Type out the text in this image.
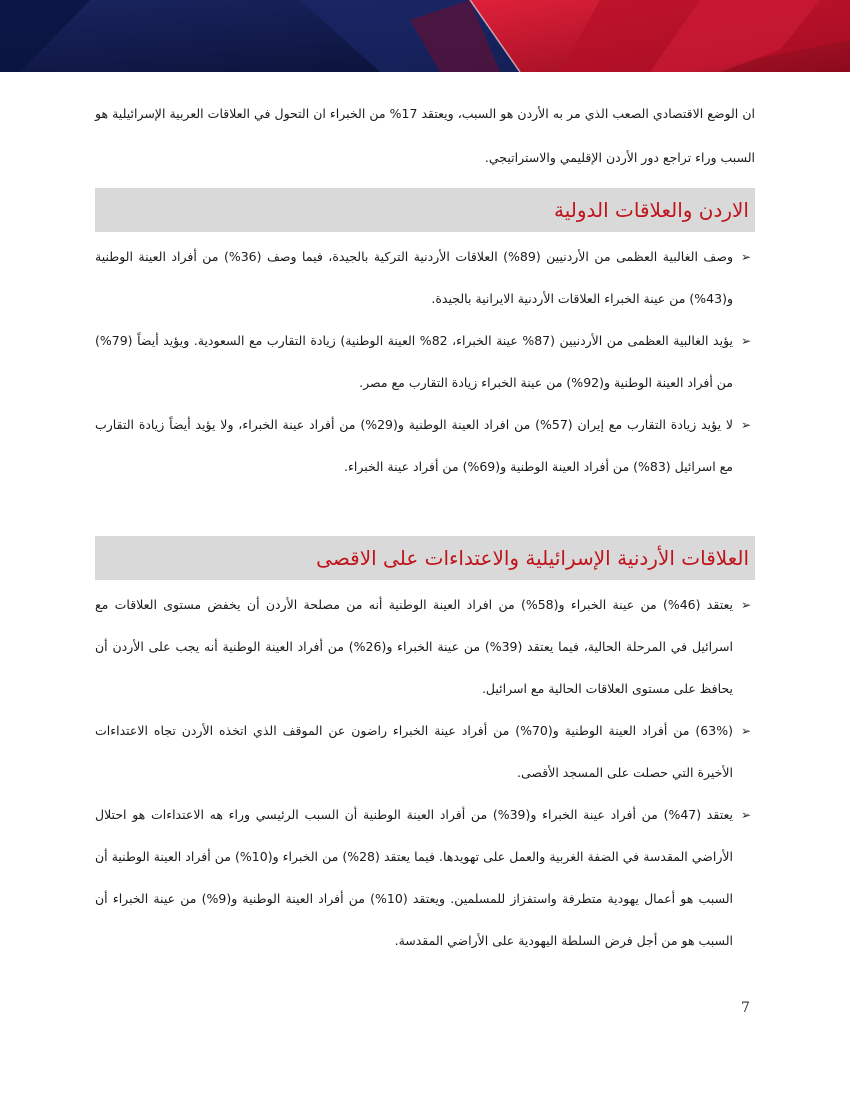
ان الوضع الاقتصادي الصعب الذي مر به الأردن هو السبب، ويعتقد 17% من الخبراء ان التحول في العلاقات العربية الإسرائيلية هو السبب وراء تراجع دور الأردن الإقليمي والاستراتيجي.

الاردن والعلاقات الدولية
➢
وصف الغالبية العظمى من الأردنيين (89%) العلاقات الأردنية التركية بالجيدة، فيما وصف (36%) من أفراد العينة الوطنية و(43%) من عينة الخبراء العلاقات الأردنية الايرانية بالجيدة.
➢
يؤيد الغالبية العظمى من الأردنيين (87% عينة الخبراء، 82% العينة الوطنية) زيادة التقارب مع السعودية. ويؤيد أيضاً (79%) من أفراد العينة الوطنية و(92%) من عينة الخبراء زيادة التقارب مع مصر.
➢
لا يؤيد زيادة التقارب مع إيران (57%) من افراد العينة الوطنية و(29%) من أفراد عينة الخبراء، ولا يؤيد أيضاً زيادة التقارب مع اسرائيل (83%) من أفراد العينة الوطنية و(69%) من أفراد عينة الخبراء.
العلاقات الأردنية الإسرائيلية والاعتداءات على الاقصى
➢
يعتقد (46%) من عينة الخبراء و(58%) من افراد العينة الوطنية أنه من مصلحة الأردن أن يخفض مستوى العلاقات مع اسرائيل في المرحلة الحالية، فيما يعتقد (39%) من عينة الخبراء و(26%) من أفراد العينة الوطنية أنه يجب على الأردن أن يحافظ على مستوى العلاقات الحالية مع اسرائيل.
➢
(63%) من أفراد العينة الوطنية و(70%) من أفراد عينة الخبراء راضون عن الموقف الذي اتخذه الأردن تجاه الاعتداءات الأخيرة التي حصلت على المسجد الأقصى.
➢
يعتقد (47%) من أفراد عينة الخبراء و(39%) من أفراد العينة الوطنية أن السبب الرئيسي وراء هه الاعتداءات هو احتلال الأراضي المقدسة في الضفة الغربية والعمل على تهويدها. فيما يعتقد (28%) من الخبراء و(10%) من أفراد العينة الوطنية أن السبب هو أعمال يهودية متطرفة واستفزاز للمسلمين. ويعتقد (10%) من أفراد العينة الوطنية و(9%) من عينة الخبراء أن السبب هو من أجل فرض السلطة اليهودية على الأراضي المقدسة.
7
